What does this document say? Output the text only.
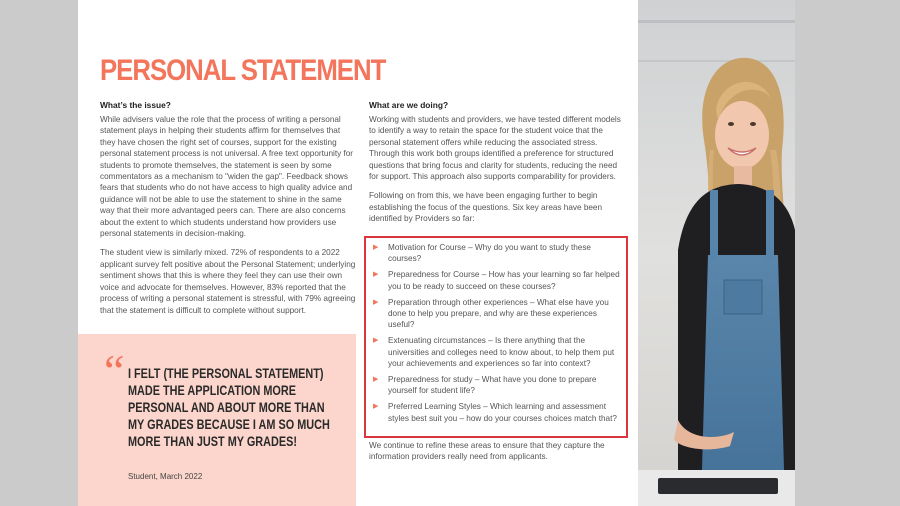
PERSONAL STATEMENT
What’s the issue?

While advisers value the role that the process of writing a personal statement plays in helping their students affirm for themselves that they have chosen the right set of courses, support for the existing personal statement process is not universal. A free text opportunity for students to promote themselves, the statement is seen by some commentators as a mechanism to "widen the gap". Feedback shows fears that students who do not have access to high quality advice and guidance will not be able to use the statement to shine in the same way that their more advantaged peers can. There are also concerns about the extent to which students understand how providers use personal statements in decision-making.

The student view is similarly mixed. 72% of respondents to a 2022 applicant survey felt positive about the Personal Statement; underlying sentiment shows that this is where they feel they can use their own voice and advocate for themselves. However, 83% reported that the process of writing a personal statement is stressful, with 79% agreeing that the statement is difficult to complete without support.

“ I FELT (THE PERSONAL STATEMENT) MADE THE APPLICATION MORE PERSONAL AND ABOUT MORE THAN MY GRADES BECAUSE I AM SO MUCH MORE THAN JUST MY GRADES!
Student, March 2022
What are we doing?

Working with students and providers, we have tested different models to identify a way to retain the space for the student voice that the personal statement offers while reducing the associated stress. Through this work both groups identified a preference for structured questions that bring focus and clarity for students, reducing the need for support. This approach also supports comparability for providers.

Following on from this, we have been engaging further to begin establishing the focus of the questions. Six key areas have been identified by Providers so far:

▶ Motivation for Course – Why do you want to study these courses?
▶ Preparedness for Course – How has your learning so far helped you to be ready to succeed on these courses?
▶ Preparation through other experiences – What else have you done to help you prepare, and why are these experiences useful?
▶ Extenuating circumstances – Is there anything that the universities and colleges need to know about, to help them put your achievements and experiences so far into context?
▶ Preparedness for study – What have you done to prepare yourself for student life?
▶ Preferred Learning Styles – Which learning and assessment styles best suit you – how do your courses choices match that?

We continue to refine these areas to ensure that they capture the information providers really need from applicants.
